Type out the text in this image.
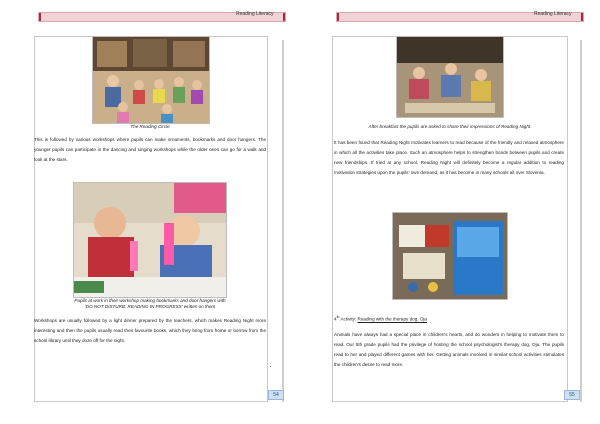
Reading Literacy
The Reading Circle

This is followed by various workshops where pupils can make ornaments, bookmarks and door hangers. The younger pupils can participate in the dancing and singing workshops while the older ones can go for a walk and look at the stars.

Pupils at work in their workshop making bookmarks and door hangers with
'DO NOT DISTURB. READING IN PROGRESS' written on them

Workshops are usually followed by a light dinner prepared by the teachers, which makes Reading Night more interesting and then the pupils usually read their favourite books, which they bring from home or borrow from the school library until they doze off for the night.

54
Reading Literacy
After breakfast the pupils are asked to share their impressions of Reading Night.

It has been found that Reading Night motivates learners to read because of the friendly and relaxed atmosphere in which all the activities take place. Such an atmosphere helps to strengthen bonds between pupils and create new friendships. If tried at any school, Reading Night will definitely become a regular addition to reading motivation strategies upon the pupils' own demand, as it has become in many schools all over Slovenia.

4th Activity: Reading with the therapy dog, Oja

Animals have always had a special place in children's hearts, and do wonders in helping to motivate them to read. Our 5th grade pupils had the privilege of hosting the school psychologist's therapy dog, Oja. The pupils read to her and played different games with her. Getting animals involved in similar school activities stimulates the children's desire to read more.

55
